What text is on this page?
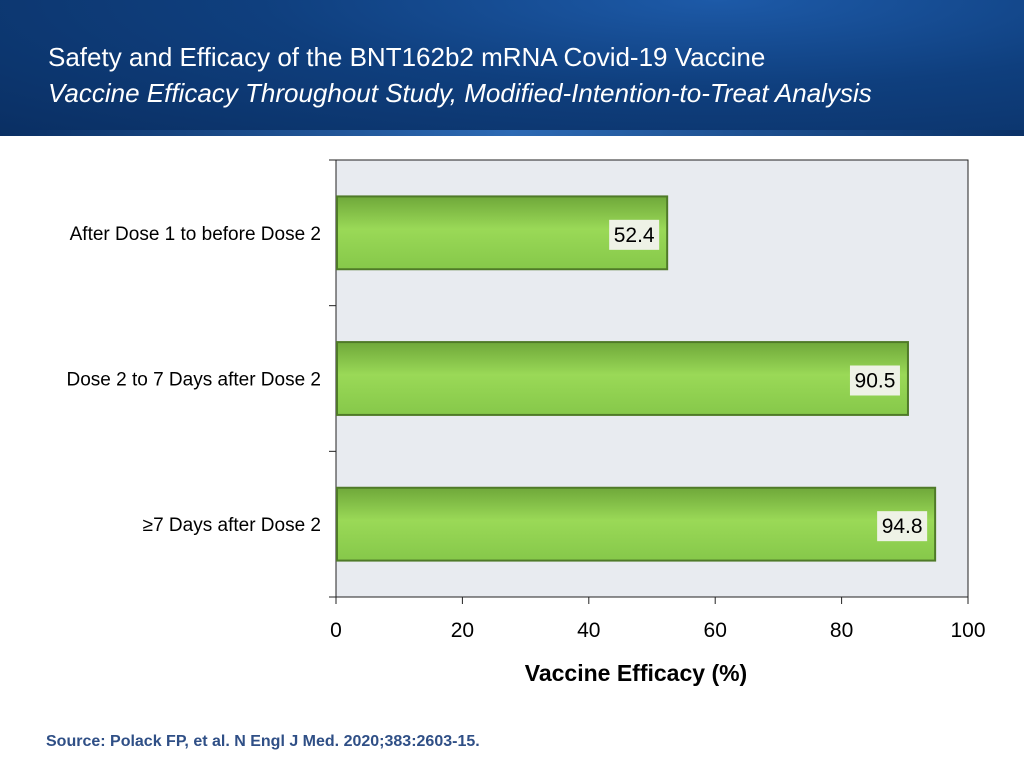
Safety and Efficacy of the BNT162b2 mRNA Covid-19 Vaccine
Vaccine Efficacy Throughout Study, Modified-Intention-to-Treat Analysis
0	20	40	60	80	100
52.4
After Dose 1 to before Dose 2
90.5
Dose 2 to 7 Days after Dose 2
94.8
≥7 Days after Dose 2
Vaccine Efficacy (%)
Source: Polack FP, et al. N Engl J Med. 2020;383:2603-15.
